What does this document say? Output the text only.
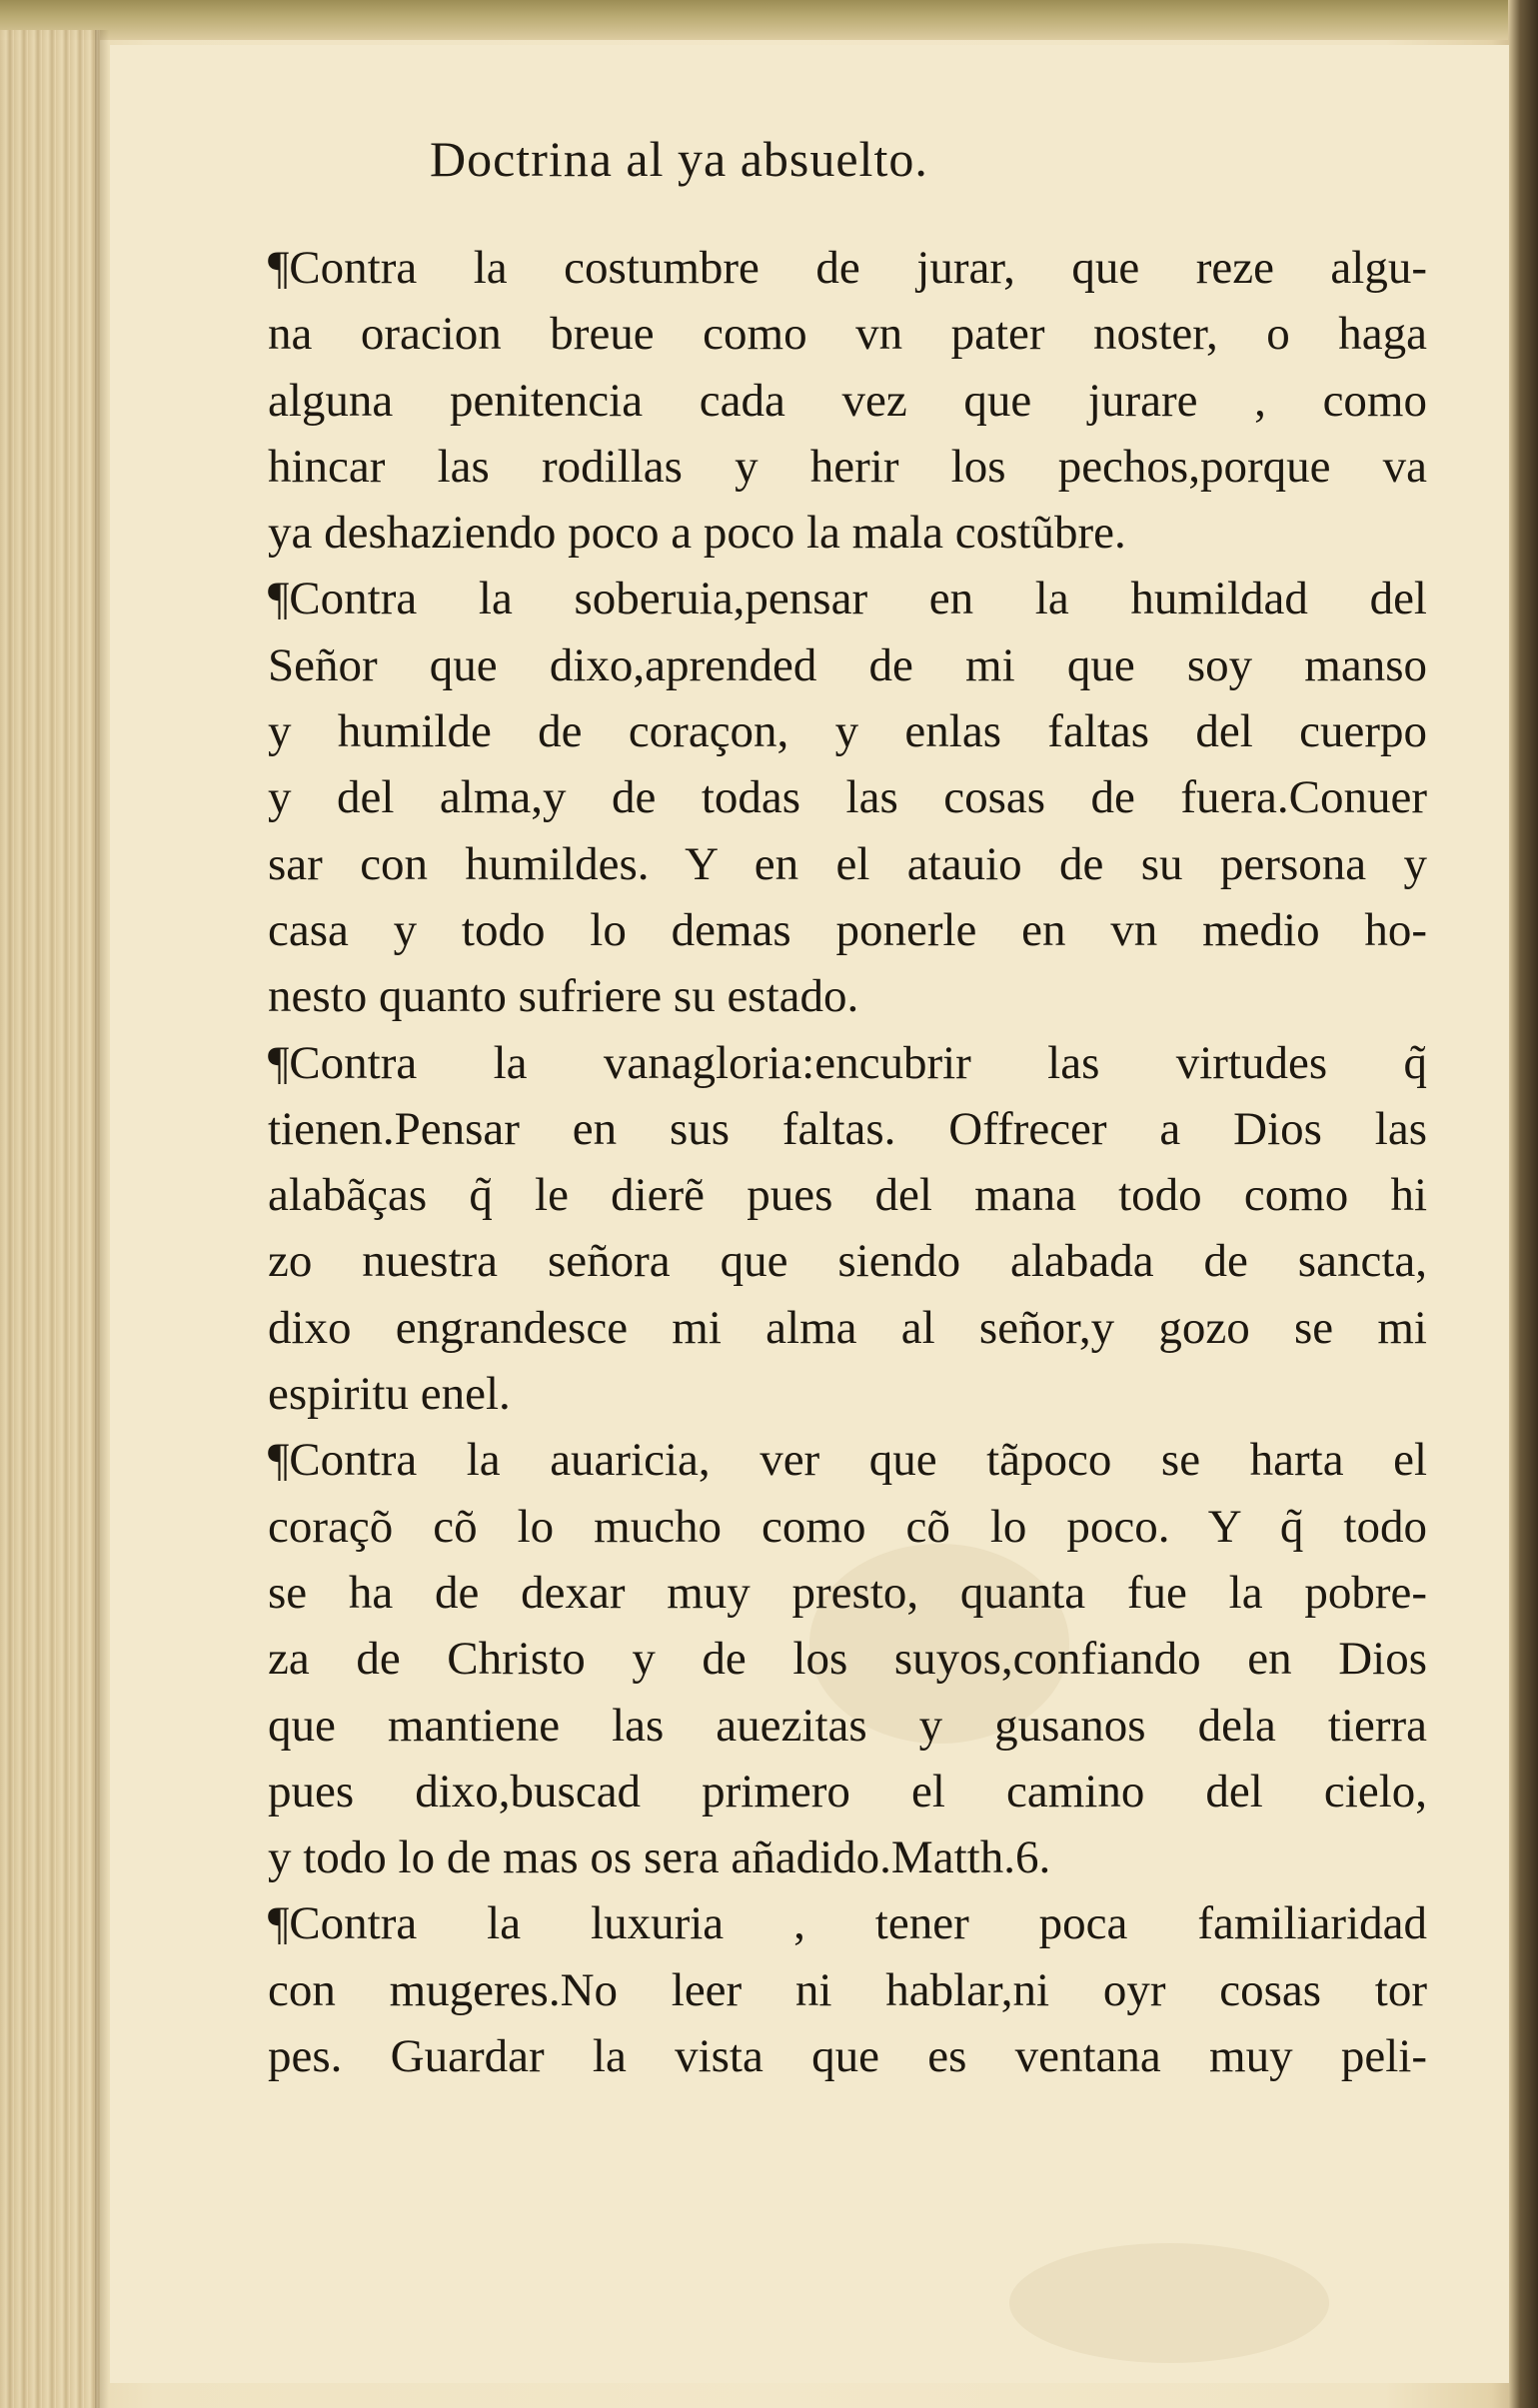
Doctrina al ya absuelto.
¶Contra la costumbre de jurar, que reze algu-
na oracion breue como vn pater noster, o haga
alguna penitencia cada vez que jurare , como
hincar las rodillas y herir los pechos,porque va
ya deshaziendo poco a poco la mala costũbre.
¶Contra la soberuia,pensar en la humildad del
Señor que dixo,aprended de mi que soy manso
y humilde de coraçon, y enlas faltas del cuerpo
y del alma,y de todas las cosas de fuera.Conuer
sar con humildes. Y en el atauio de su persona y
casa y todo lo demas ponerle en vn medio ho-
nesto quanto sufriere su estado.
¶Contra la vanagloria:encubrir las virtudes q̃
tienen.Pensar en sus faltas. Offrecer a Dios las
alabãças q̃ le dierẽ pues del mana todo como hi
zo nuestra señora que siendo alabada de sancta,
dixo engrandesce mi alma al señor,y gozo se mi
espiritu enel.
¶Contra la auaricia, ver que tãpoco se harta el
coraçõ cõ lo mucho como cõ lo poco. Y q̃ todo
se ha de dexar muy presto, quanta fue la pobre-
za de Christo y de los suyos,confiando en Dios
que mantiene las auezitas y gusanos dela tierra
pues dixo,buscad primero el camino del cielo,
y todo lo de mas os sera añadido.Matth.6.
¶Contra la luxuria , tener poca familiaridad
con mugeres.No leer ni hablar,ni oyr cosas tor
pes. Guardar la vista que es ventana muy peli-
